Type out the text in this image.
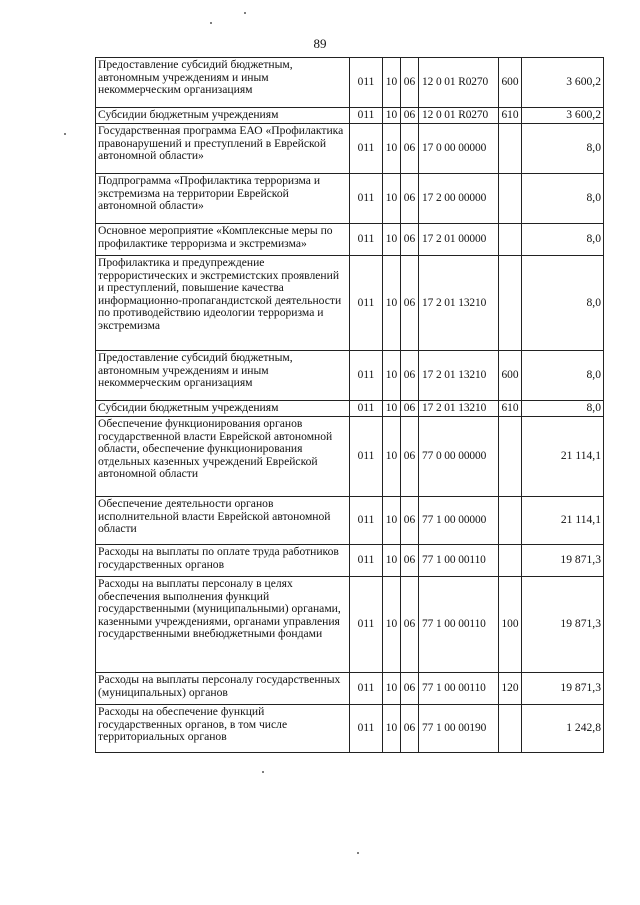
89
Предоставление субсидий бюджетным, автономным учреждениям и иным некоммерческим организациям	011	10	06	12 0 01 R0270	600	3 600,2
Субсидии бюджетным учреждениям	011	10	06	12 0 01 R0270	610	3 600,2
Государственная программа ЕАО «Профилактика правонарушений и преступлений в Еврейской автономной области»	011	10	06	17 0 00 00000		8,0
Подпрограмма «Профилактика терроризма и экстремизма на территории Еврейской автономной области»	011	10	06	17 2 00 00000		8,0
Основное мероприятие «Комплексные меры по профилактике терроризма и экстремизма»	011	10	06	17 2 01 00000		8,0
Профилактика и предупреждение террористических и экстремистских проявлений и преступлений, повышение качества информационно-пропагандистской деятельности по противодействию идеологии терроризма и экстремизма	011	10	06	17 2 01 13210		8,0
Предоставление субсидий бюджетным, автономным учреждениям и иным некоммерческим организациям	011	10	06	17 2 01 13210	600	8,0
Субсидии бюджетным учреждениям	011	10	06	17 2 01 13210	610	8,0
Обеспечение функционирования органов государственной власти Еврейской автономной области, обеспечение функционирования отдельных казенных учреждений Еврейской автономной области	011	10	06	77 0 00 00000		21 114,1
Обеспечение деятельности органов исполнительной власти Еврейской автономной области	011	10	06	77 1 00 00000		21 114,1
Расходы на выплаты по оплате труда работников государственных органов	011	10	06	77 1 00 00110		19 871,3
Расходы на выплаты персоналу в целях обеспечения выполнения функций государственными (муниципальными) органами, казенными учреждениями, органами управления государственными внебюджетными фондами	011	10	06	77 1 00 00110	100	19 871,3
Расходы на выплаты персоналу государственных (муниципальных) органов	011	10	06	77 1 00 00110	120	19 871,3
Расходы на обеспечение функций государственных органов, в том числе территориальных органов	011	10	06	77 1 00 00190		1 242,8
